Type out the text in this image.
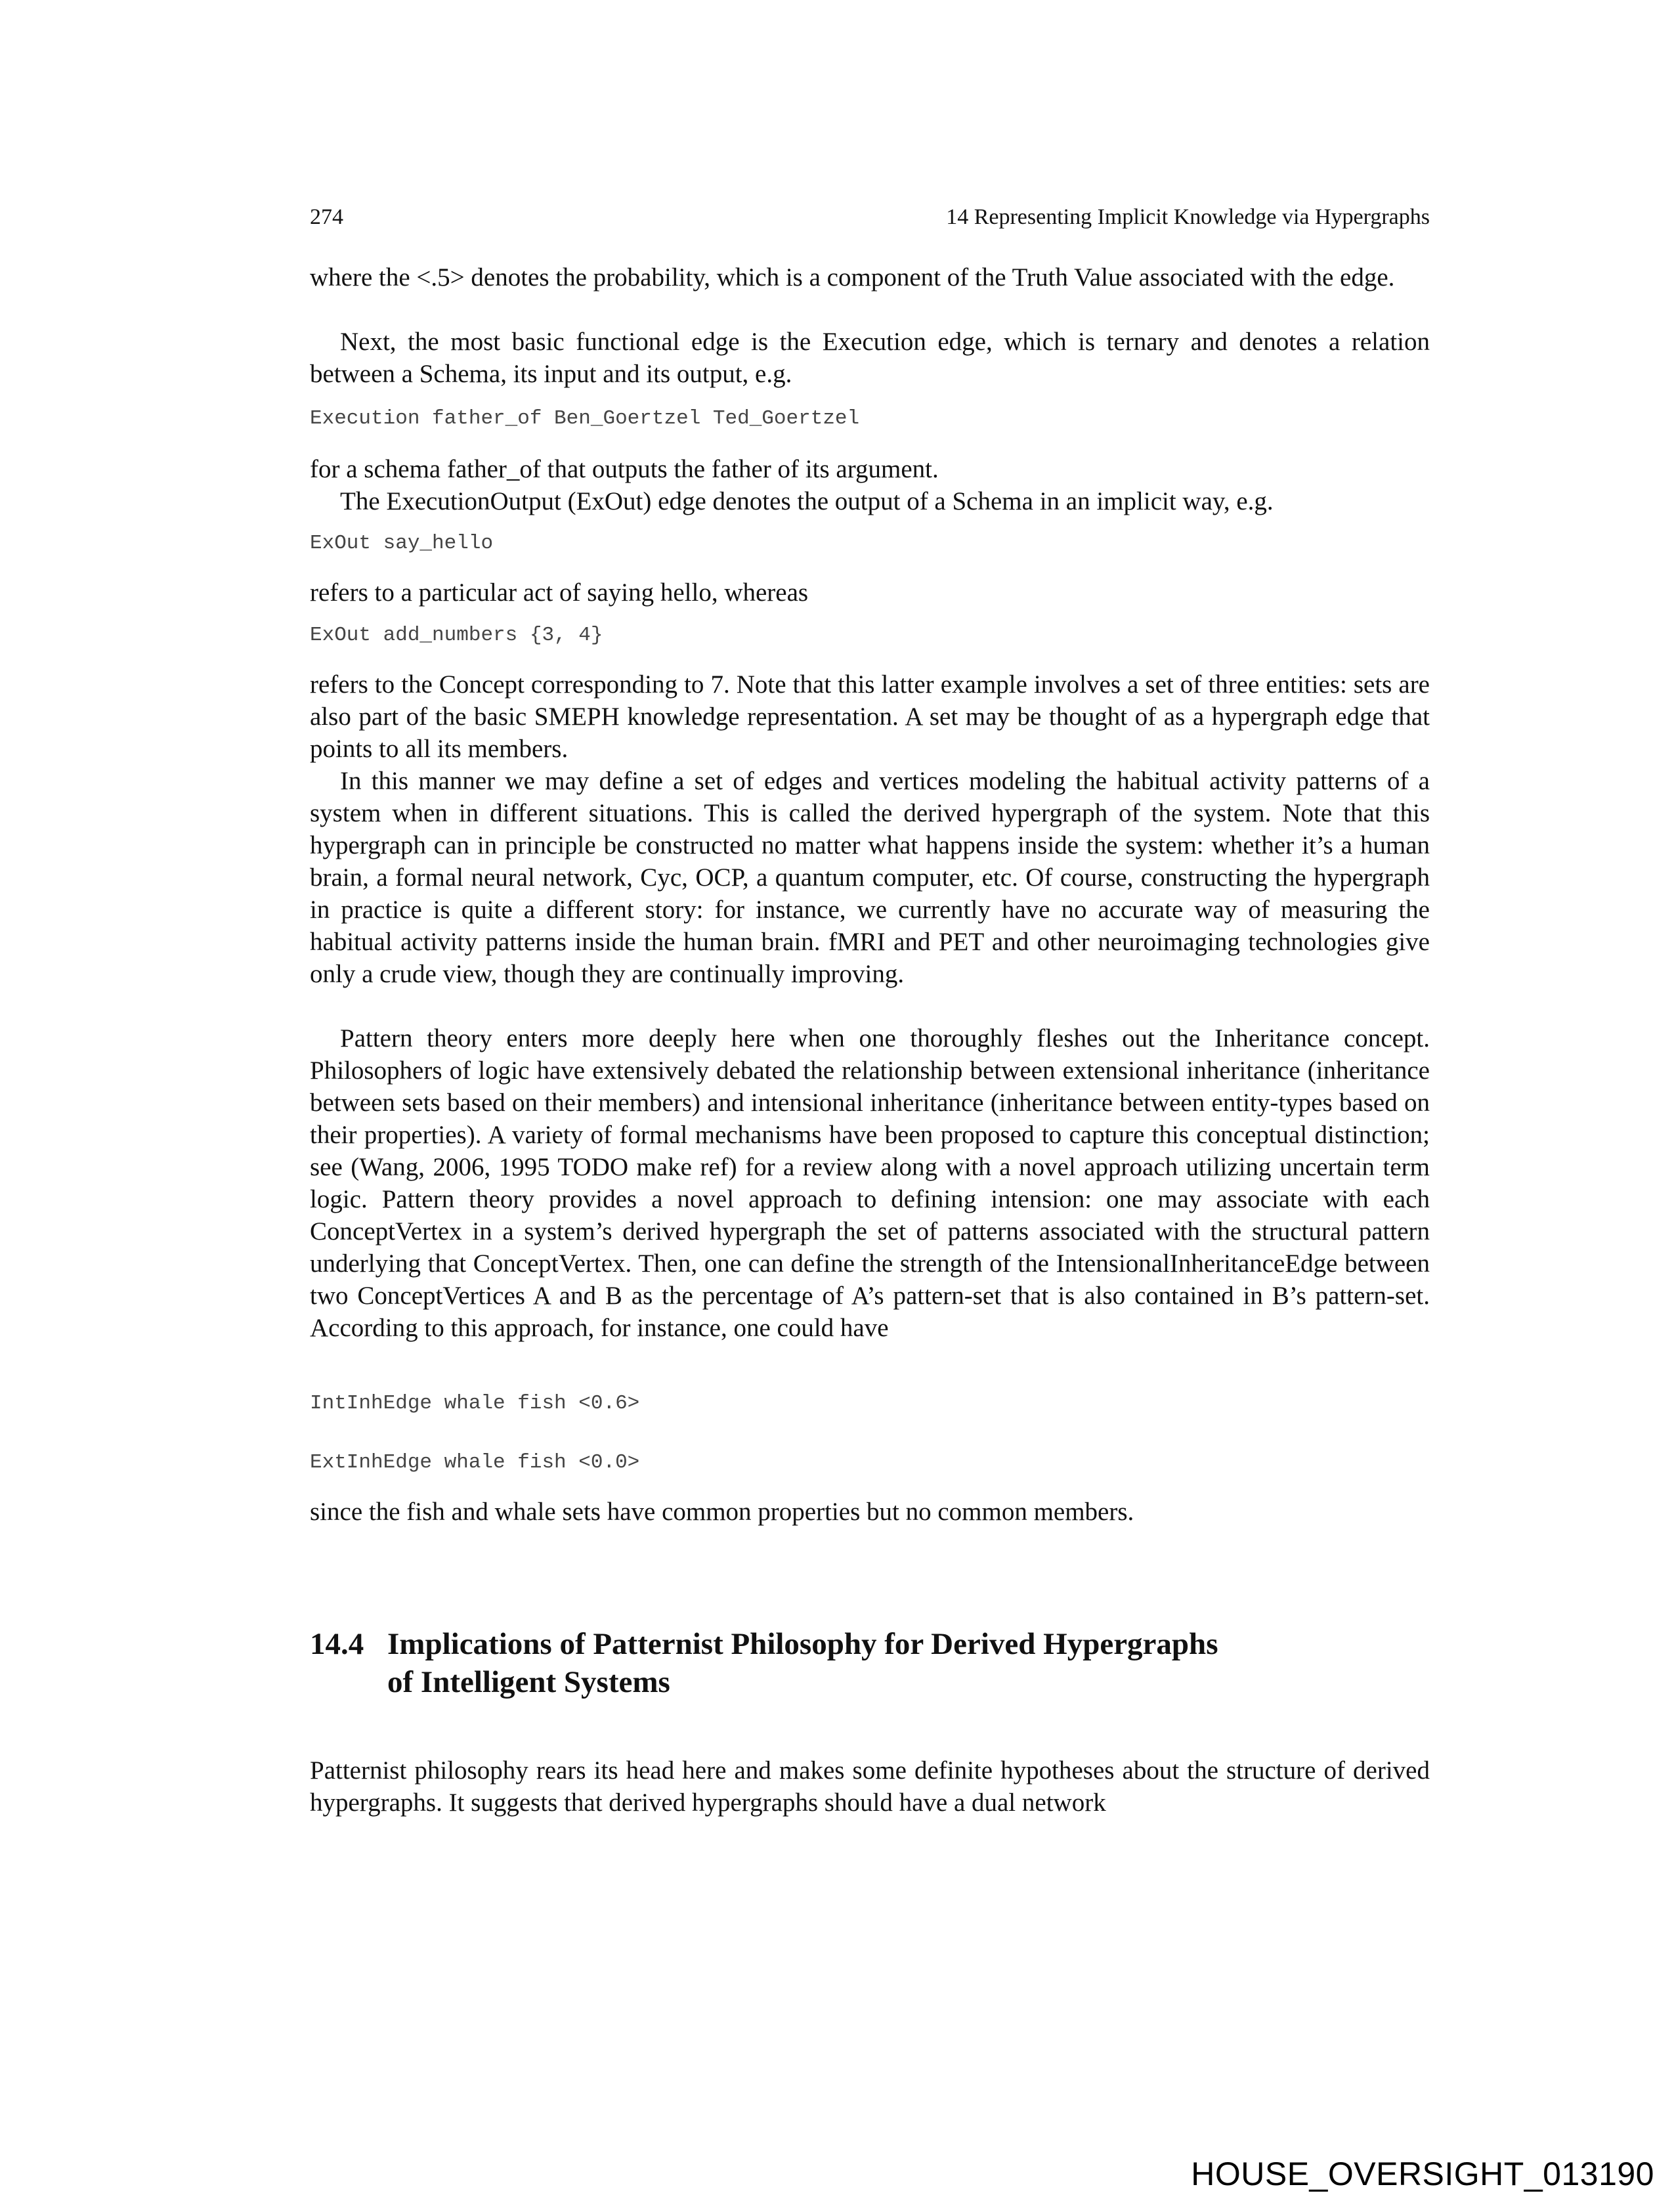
274	14 Representing Implicit Knowledge via Hypergraphs
where the <.5> denotes the probability, which is a component of the Truth Value associated with the edge.
Next, the most basic functional edge is the Execution edge, which is ternary and denotes a relation between a Schema, its input and its output, e.g.
Execution father_of Ben_Goertzel Ted_Goertzel
for a schema father_of that outputs the father of its argument.
The ExecutionOutput (ExOut) edge denotes the output of a Schema in an implicit way, e.g.
ExOut say_hello
refers to a particular act of saying hello, whereas
ExOut add_numbers {3, 4}
refers to the Concept corresponding to 7. Note that this latter example involves a set of three entities: sets are also part of the basic SMEPH knowledge representation. A set may be thought of as a hypergraph edge that points to all its members.
In this manner we may define a set of edges and vertices modeling the habitual activity patterns of a system when in different situations. This is called the derived hypergraph of the system. Note that this hypergraph can in principle be constructed no matter what happens inside the system: whether it’s a human brain, a formal neural network, Cyc, OCP, a quantum computer, etc. Of course, constructing the hypergraph in practice is quite a different story: for instance, we currently have no accurate way of measuring the habitual activity patterns inside the human brain. fMRI and PET and other neuroimaging technologies give only a crude view, though they are continually improving.
Pattern theory enters more deeply here when one thoroughly fleshes out the Inheritance concept. Philosophers of logic have extensively debated the relationship between extensional inheritance (inheritance between sets based on their members) and intensional inheritance (inheritance between entity-types based on their properties). A variety of formal mechanisms have been proposed to capture this conceptual distinction; see (Wang, 2006, 1995 TODO make ref) for a review along with a novel approach utilizing uncertain term logic. Pattern theory provides a novel approach to defining intension: one may associate with each ConceptVertex in a system’s derived hypergraph the set of patterns associated with the structural pattern underlying that ConceptVertex. Then, one can define the strength of the IntensionalInheritanceEdge between two ConceptVertices A and B as the percentage of A’s pattern-set that is also contained in B’s pattern-set. According to this approach, for instance, one could have
IntInhEdge whale fish <0.6>
ExtInhEdge whale fish <0.0>
since the fish and whale sets have common properties but no common members.
14.4 Implications of Patternist Philosophy for Derived Hypergraphs
of Intelligent Systems
Patternist philosophy rears its head here and makes some definite hypotheses about the structure of derived hypergraphs. It suggests that derived hypergraphs should have a dual network
HOUSE_OVERSIGHT_013190
